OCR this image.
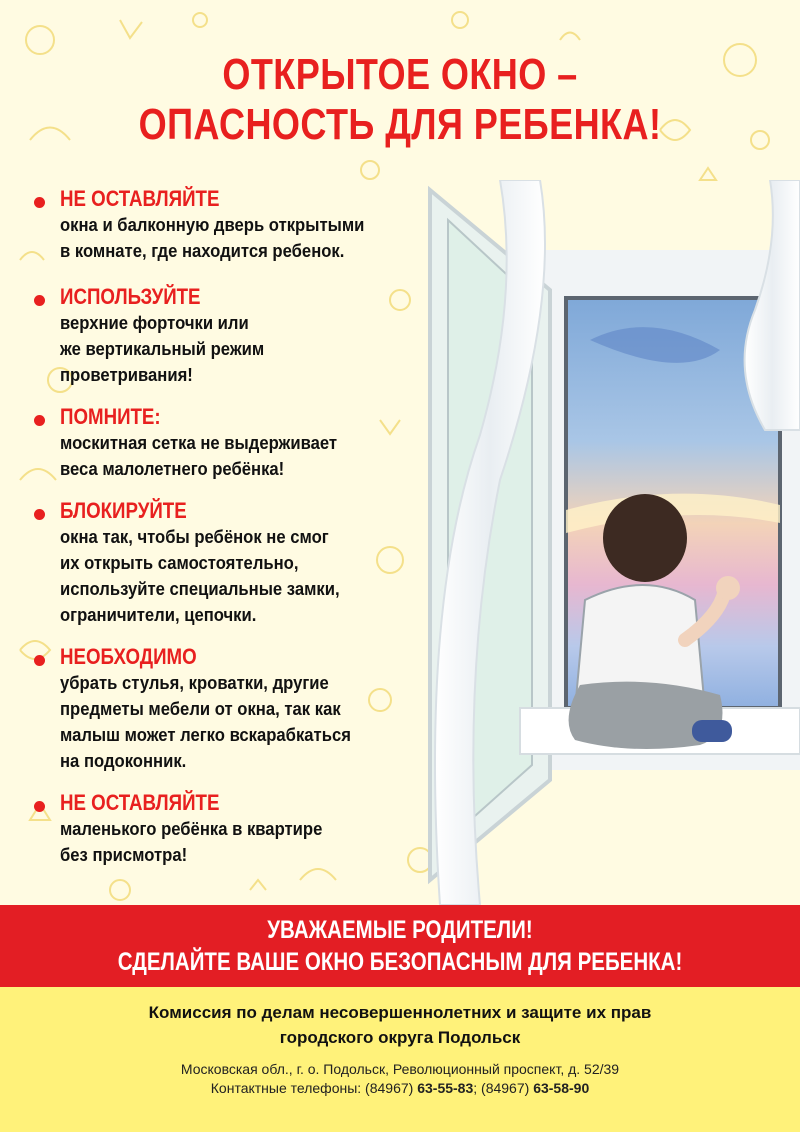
ОТКРЫТОЕ ОКНО –
ОПАСНОСТЬ ДЛЯ РЕБЕНКА!
НЕ ОСТАВЛЯЙТЕ
окна и балконную дверь открытыми
в комнате, где находится ребенок.
ИСПОЛЬЗУЙТЕ
верхние форточки или
же вертикальный режим
проветривания!
ПОМНИТЕ:
москитная сетка не выдерживает
веса малолетнего ребёнка!
БЛОКИРУЙТЕ
окна так, чтобы ребёнок не смог
их открыть самостоятельно,
используйте специальные замки,
ограничители, цепочки.
НЕОБХОДИМО
убрать стулья, кроватки, другие
предметы мебели от окна, так как
малыш может легко вскарабкаться
на подоконник.
НЕ ОСТАВЛЯЙТЕ
маленького ребёнка в квартире
без присмотра!
УВАЖАЕМЫЕ РОДИТЕЛИ!
СДЕЛАЙТЕ ВАШЕ ОКНО БЕЗОПАСНЫМ ДЛЯ РЕБЕНКА!
Комиссия по делам несовершеннолетних и защите их прав
городского округа Подольск
Московская обл., г. о. Подольск, Революционный проспект, д. 52/39
Контактные телефоны: (84967) 63-55-83; (84967) 63-58-90
